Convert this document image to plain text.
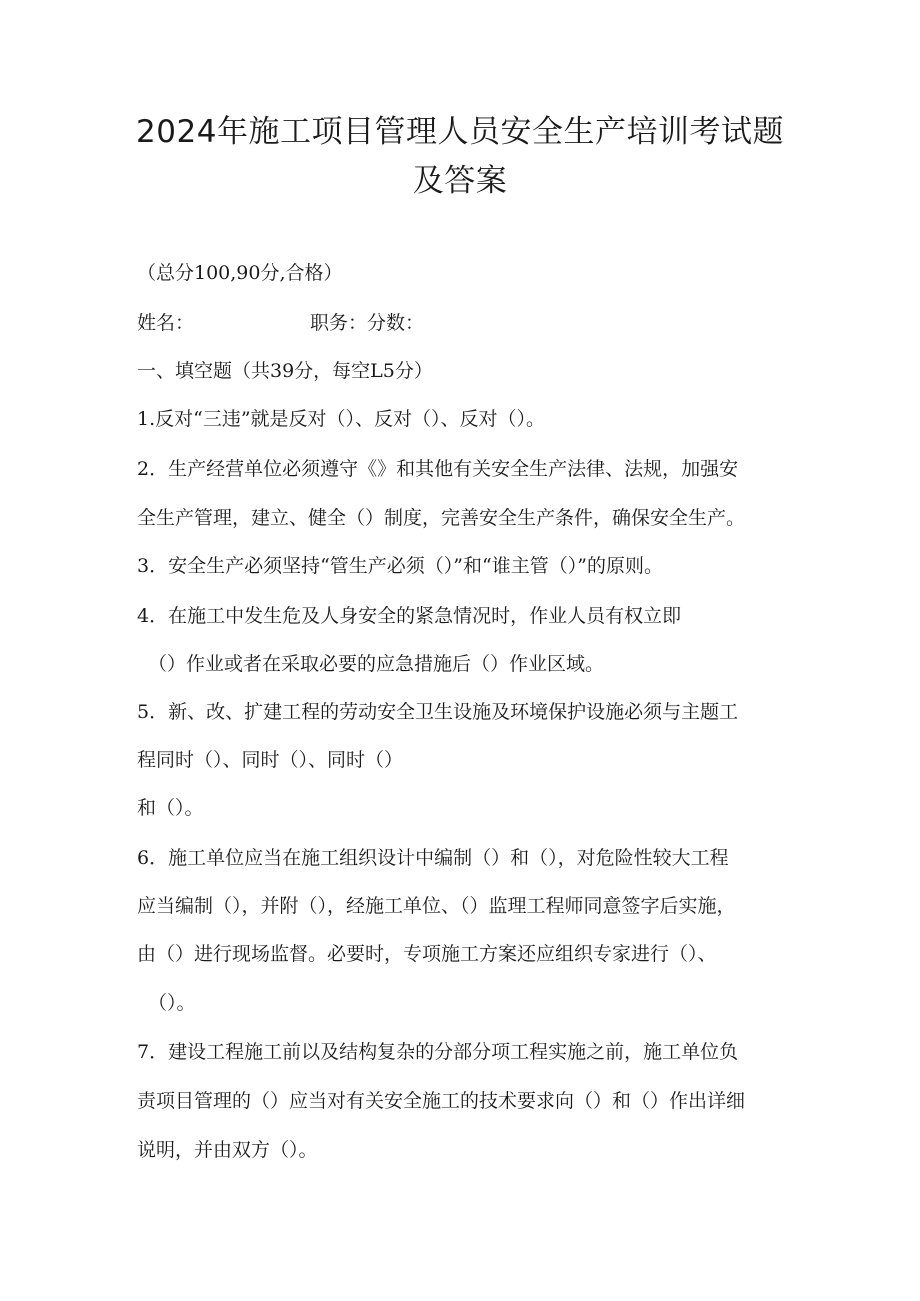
2024年施工项目管理人员安全生产培训考试题
及答案
（总分100,90分,合格）
姓名：	职务：分数：
一、填空题（共39分，每空L5分）
1.反对“三违”就是反对（）、反对（）、反对（）。
2．生产经营单位必须遵守《》和其他有关安全生产法律、法规，加强安
全生产管理，建立、健全（）制度，完善安全生产条件，确保安全生产。
3．安全生产必须坚持“管生产必须（）”和“谁主管（）”的原则。
4．在施工中发生危及人身安全的紧急情况时，作业人员有权立即
（）作业或者在采取必要的应急措施后（）作业区域。
5．新、改、扩建工程的劳动安全卫生设施及环境保护设施必须与主题工
程同时（）、同时（）、同时（）
和（）。
6．施工单位应当在施工组织设计中编制（）和（），对危险性较大工程
应当编制（），并附（），经施工单位、（）监理工程师同意签字后实施，
由（）进行现场监督。必要时，专项施工方案还应组织专家进行（）、
（）。
7．建设工程施工前以及结构复杂的分部分项工程实施之前，施工单位负
责项目管理的（）应当对有关安全施工的技术要求向（）和（）作出详细
说明，并由双方（）。
